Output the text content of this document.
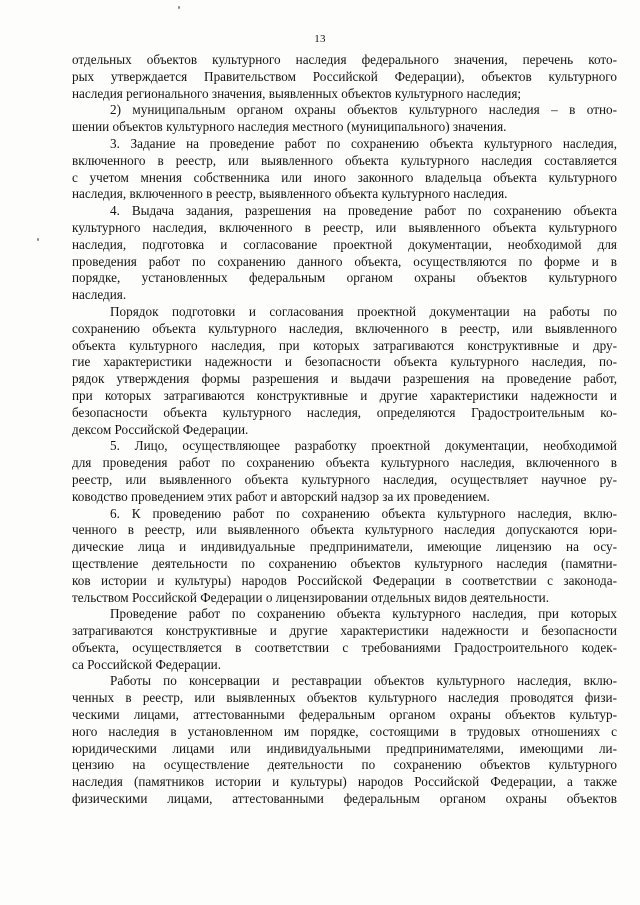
13
отдельных объектов культурного наследия федерального значения, перечень кото-
рых утверждается Правительством Российской Федерации), объектов культурного
наследия регионального значения, выявленных объектов культурного наследия;
2) муниципальным органом охраны объектов культурного наследия – в отно-
шении объектов культурного наследия местного (муниципального) значения.
3. Задание на проведение работ по сохранению объекта культурного наследия,
включенного в реестр, или выявленного объекта культурного наследия составляется
с учетом мнения собственника или иного законного владельца объекта культурного
наследия, включенного в реестр, выявленного объекта культурного наследия.
4. Выдача задания, разрешения на проведение работ по сохранению объекта
культурного наследия, включенного в реестр, или выявленного объекта культурного
наследия, подготовка и согласование проектной документации, необходимой для
проведения работ по сохранению данного объекта, осуществляются по форме и в
порядке, установленных федеральным органом охраны объектов культурного
наследия.
Порядок подготовки и согласования проектной документации на работы по
сохранению объекта культурного наследия, включенного в реестр, или выявленного
объекта культурного наследия, при которых затрагиваются конструктивные и дру-
гие характеристики надежности и безопасности объекта культурного наследия, по-
рядок утверждения формы разрешения и выдачи разрешения на проведение работ,
при которых затрагиваются конструктивные и другие характеристики надежности и
безопасности объекта культурного наследия, определяются Градостроительным ко-
дексом Российской Федерации.
5. Лицо, осуществляющее разработку проектной документации, необходимой
для проведения работ по сохранению объекта культурного наследия, включенного в
реестр, или выявленного объекта культурного наследия, осуществляет научное ру-
ководство проведением этих работ и авторский надзор за их проведением.
6. К проведению работ по сохранению объекта культурного наследия, вклю-
ченного в реестр, или выявленного объекта культурного наследия допускаются юри-
дические лица и индивидуальные предприниматели, имеющие лицензию на осу-
ществление деятельности по сохранению объектов культурного наследия (памятни-
ков истории и культуры) народов Российской Федерации в соответствии с законода-
тельством Российской Федерации о лицензировании отдельных видов деятельности.
Проведение работ по сохранению объекта культурного наследия, при которых
затрагиваются конструктивные и другие характеристики надежности и безопасности
объекта, осуществляется в соответствии с требованиями Градостроительного кодек-
са Российской Федерации.
Работы по консервации и реставрации объектов культурного наследия, вклю-
ченных в реестр, или выявленных объектов культурного наследия проводятся физи-
ческими лицами, аттестованными федеральным органом охраны объектов культур-
ного наследия в установленном им порядке, состоящими в трудовых отношениях с
юридическими лицами или индивидуальными предпринимателями, имеющими ли-
цензию на осуществление деятельности по сохранению объектов культурного
наследия (памятников истории и культуры) народов Российской Федерации, а также
физическими лицами, аттестованными федеральным органом охраны объектов
